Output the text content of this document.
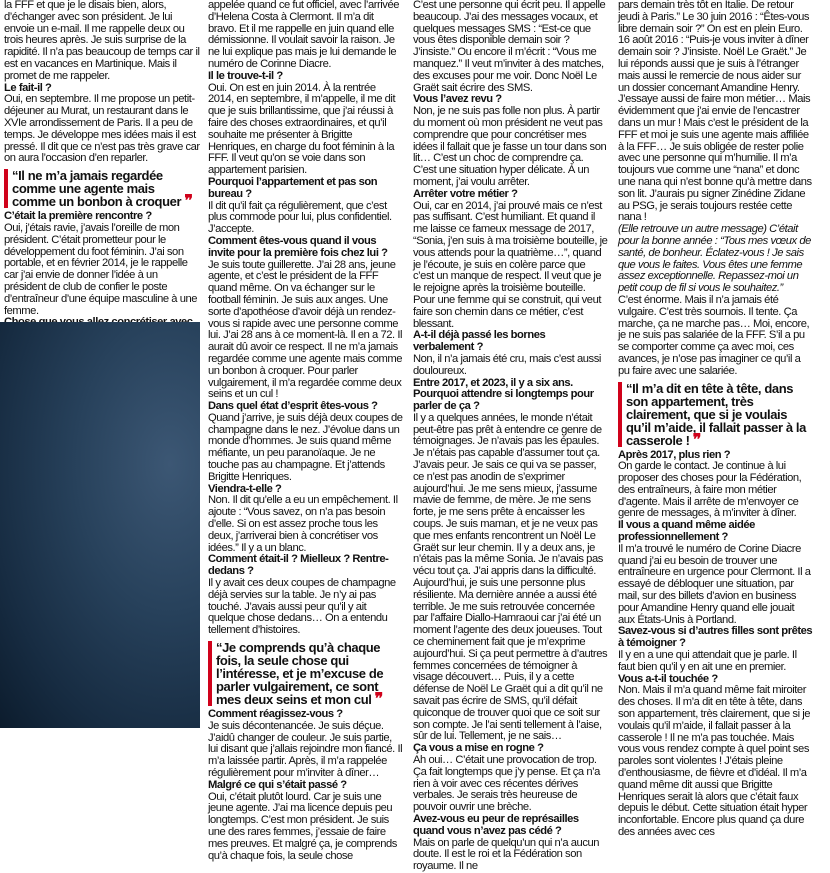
la FFF et que je le disais bien, alors, d’échanger avec son président. Je lui envoie un e-mail. Il me rappelle deux ou trois heures après. Je suis surprise de la rapidité. Il n’a pas beaucoup de temps car il est en vacances en Martinique. Mais il promet de me rappeler.

Le fait-il ?

Oui, en septembre. Il me propose un petit-déjeuner au Murat, un restaurant dans le XVIe arrondissement de Paris. Il a peu de temps. Je développe mes idées mais il est pressé. Il dit que ce n’est pas très grave car on aura l’occasion d’en reparler.

“Il ne m’a jamais regardée comme une agente mais comme un bonbon à croquer ❞

C’était la première rencontre ?

Oui, j’étais ravie, j’avais l’oreille de mon président. C’était prometteur pour le développement du foot féminin. J’ai son portable, et en février 2014, je le rappelle car j’ai envie de donner l’idée à un président de club de confier le poste d’entraîneur d’une équipe masculine à une femme.

appelée quand ce fut officiel, avec l’arrivée d’Helena Costa à Clermont. Il m’a dit bravo. Et il me rappelle en juin quand elle démissionne. Il voulait savoir la raison. Je ne lui explique pas mais je lui demande le numéro de Corinne Diacre.

Il le trouve-t-il ?

Oui. On est en juin 2014. À la rentrée 2014, en septembre, il m’appelle, il me dit que je suis brillantissime, que j’ai réussi à faire des choses extraordinaires, et qu’il souhaite me présenter à Brigitte Henriques, en charge du foot féminin à la FFF. Il veut qu’on se voie dans son appartement parisien.

Pourquoi l’appartement et pas son bureau ?

Il dit qu’il fait ça régulièrement, que c’est plus commode pour lui, plus confidentiel. J’accepte.

Comment êtes-vous quand il vous invite pour la première fois chez lui ?

Je suis toute guillerette. J’ai 28 ans, jeune agente, et c’est le président de la FFF quand même. On va échanger sur le football féminin. Je suis aux anges. Une sorte d’apothéose d’avoir déjà un rendez-vous si rapide avec une personne comme lui. J’ai 28 ans à ce moment-là. Il en a 72. Il aurait dû avoir ce respect. Il ne m’a jamais regardée comme une agente mais comme un bonbon à croquer. Pour parler vulgairement, il m’a regardée comme deux seins et un cul !

Dans quel état d’esprit êtes-vous ?

Quand j’arrive, je suis déjà deux coupes de champagne dans le nez. J’évolue dans un monde d’hommes. Je suis quand même méfiante, un peu paranoïaque. Je ne touche pas au champagne. Et j’attends Brigitte Henriques.

Viendra-t-elle ?

Non. Il dit qu’elle a eu un empêchement. Il ajoute : “Vous savez, on n’a pas besoin d’elle. Si on est assez proche tous les deux, j’arriverai bien à concrétiser vos idées.” Il y a un blanc.

Comment était-il ? Mielleux ? Rentre-dedans ?

Il y avait ces deux coupes de champagne déjà servies sur la table. Je n’y ai pas touché. J’avais aussi peur qu’il y ait quelque chose dedans… On a entendu tellement d’histoires.

“Je comprends qu’à chaque fois, la seule chose qui l’intéresse, et je m’excuse de parler vulgairement, ce sont mes deux seins et mon cul ❞

Comment réagissez-vous ?

Je suis décontenancée. Je suis déçue. J’aidû changer de couleur. Je suis partie, lui disant que j’allais rejoindre mon fiancé. Il m’a laissée partir. Après, il m’a rappelée régulièrement pour m’inviter à dîner…

Malgré ce qui s’était passé ?

Oui, c’était plutôt lourd. Car je suis une jeune agente. J’ai ma licence depuis peu longtemps. C’est mon président. Je suis une des rares femmes, j’essaie de faire mes preuves. Et malgré ça, je comprends qu’à chaque fois, la seule chose

C’est une personne qui écrit peu. Il appelle beaucoup. J’ai des messages vocaux, et quelques messages SMS : “Est-ce que vous êtes disponible demain soir ? J’insiste.” Ou encore il m’écrit : “Vous me manquez.” Il veut m’inviter à des matches, des excuses pour me voir. Donc Noël Le Graët sait écrire des SMS.

Vous l’avez revu ?

Non, je ne suis pas folle non plus. À partir du moment où mon président ne veut pas comprendre que pour concrétiser mes idées il fallait que je fasse un tour dans son lit… C’est un choc de comprendre ça. C’est une situation hyper délicate. À un moment, j’ai voulu arrêter.

Arrêter votre métier ?

Oui, car en 2014, j’ai prouvé mais ce n’est pas suffisant. C’est humiliant. Et quand il me laisse ce fameux message de 2017, “Sonia, j’en suis à ma troisième bouteille, je vous attends pour la quatrième…”, quand je l’écoute, je suis en colère parce que c’est un manque de respect. Il veut que je le rejoigne après la troisième bouteille. Pour une femme qui se construit, qui veut faire son chemin dans ce métier, c’est blessant.

A-t-il déjà passé les bornes verbalement ?

Non, il n’a jamais été cru, mais c’est aussi douloureux.

Entre 2017, et 2023, il y a six ans. Pourquoi attendre si longtemps pour parler de ça ?

Il y a quelques années, le monde n’était peut-être pas prêt à entendre ce genre de témoignages. Je n’avais pas les épaules. Je n’étais pas capable d’assumer tout ça. J’avais peur. Je sais ce qui va se passer, ce n’est pas anodin de s’exprimer aujourd’hui. Je me sens mieux, j’assume mavie de femme, de mère. Je me sens forte, je me sens prête à encaisser les coups. Je suis maman, et je ne veux pas que mes enfants rencontrent un Noël Le Graët sur leur chemin. Il y a deux ans, je n’étais pas la même Sonia. Je n’avais pas vécu tout ça. J’ai appris dans la difficulté. Aujourd’hui, je suis une personne plus résiliente. Ma dernière année a aussi été terrible. Je me suis retrouvée concernée par l’affaire Diallo-Hamraoui car j’ai été un moment l’agente des deux joueuses. Tout ce cheminement fait que je m’exprime aujourd’hui. Si ça peut permettre à d’autres femmes concernées de témoigner à visage découvert… Puis, il y a cette défense de Noël Le Graët qui a dit qu’il ne savait pas écrire de SMS, qu’il défait quiconque de trouver quoi que ce soit sur son compte. Je l’ai senti tellement à l’aise, sûr de lui. Tellement, je ne sais…

Ça vous a mise en rogne ?

Ah oui… C’était une provocation de trop. Ça fait longtemps que j’y pense. Et ça n’a rien à voir avec ces récentes dérives verbales. Je serais très heureuse de pouvoir ouvrir une brèche.

Avez-vous eu peur de représailles quand vous n’avez pas cédé ?

Mais on parle de quelqu’un qui n’a aucun doute. Il est le roi et la Fédération son royaume. Il ne

pars demain très tôt en Italie. De retour jeudi à Paris.” Le 30 juin 2016 : “Êtes-vous libre demain soir ?” On est en plein Euro. 16 août 2016 : “Puis-je vous inviter à dîner demain soir ? J’insiste. Noël Le Graët.” Je lui réponds aussi que je suis à l’étranger mais aussi le remercie de nous aider sur un dossier concernant Amandine Henry. J’essaye aussi de faire mon métier… Mais évidemment que j’ai envie de l’encastrer dans un mur ! Mais c’est le président de la FFF et moi je suis une agente mais affiliée à la FFF… Je suis obligée de rester polie avec une personne qui m’humilie. Il m’a toujours vue comme une “nana” et donc une nana qui n’est bonne qu’à mettre dans son lit. J’aurais pu signer Zinédine Zidane au PSG, je serais toujours restée cette nana !

(Elle retrouve un autre message) C’était pour la bonne année : “Tous mes vœux de santé, de bonheur. Éclatez-vous ! Je sais que vous le faites. Vous êtes une femme assez exceptionnelle. Repassez-moi un petit coup de fil si vous le souhaitez.”

C’est énorme. Mais il n’a jamais été vulgaire. C’est très sournois. Il tente. Ça marche, ça ne marche pas… Moi, encore, je ne suis pas salariée de la FFF. S’il a pu se comporter comme ça avec moi, ces avances, je n’ose pas imaginer ce qu’il a pu faire avec une salariée.

“Il m’a dit en tête à tête, dans son appartement, très clairement, que si je voulais qu’il m’aide, il fallait passer à la casserole ! ❞

Après 2017, plus rien ?

On garde le contact. Je continue à lui proposer des choses pour la Fédération, des entraîneurs, à faire mon métier d’agente. Mais il arrête de m’envoyer ce genre de messages, à m’inviter à dîner.

Il vous a quand même aidée professionnellement ?

Il m’a trouvé le numéro de Corine Diacre quand j’ai eu besoin de trouver une entraîneure en urgence pour Clermont. Il a essayé de débloquer une situation, par mail, sur des billets d’avion en business pour Amandine Henry quand elle jouait aux États-Unis à Portland.

Savez-vous si d’autres filles sont prêtes à témoigner ?

Il y en a une qui attendait que je parle. Il faut bien qu’il y en ait une en premier.

Vous a-t-il touchée ?

Non. Mais il m’a quand même fait miroiter des choses. Il m’a dit en tête à tête, dans son appartement, très clairement, que si je voulais qu’il m’aide, il fallait passer à la casserole ! Il ne m’a pas touchée. Mais vous vous rendez compte à quel point ses paroles sont violentes ! J’étais pleine d’enthousiasme, de fièvre et d’idéal. Il m’a quand même dit aussi que Brigitte Henriques serait là alors que c’était faux depuis le début. Cette situation était hyper inconfortable. Encore plus quand ça dure des années avec ces
